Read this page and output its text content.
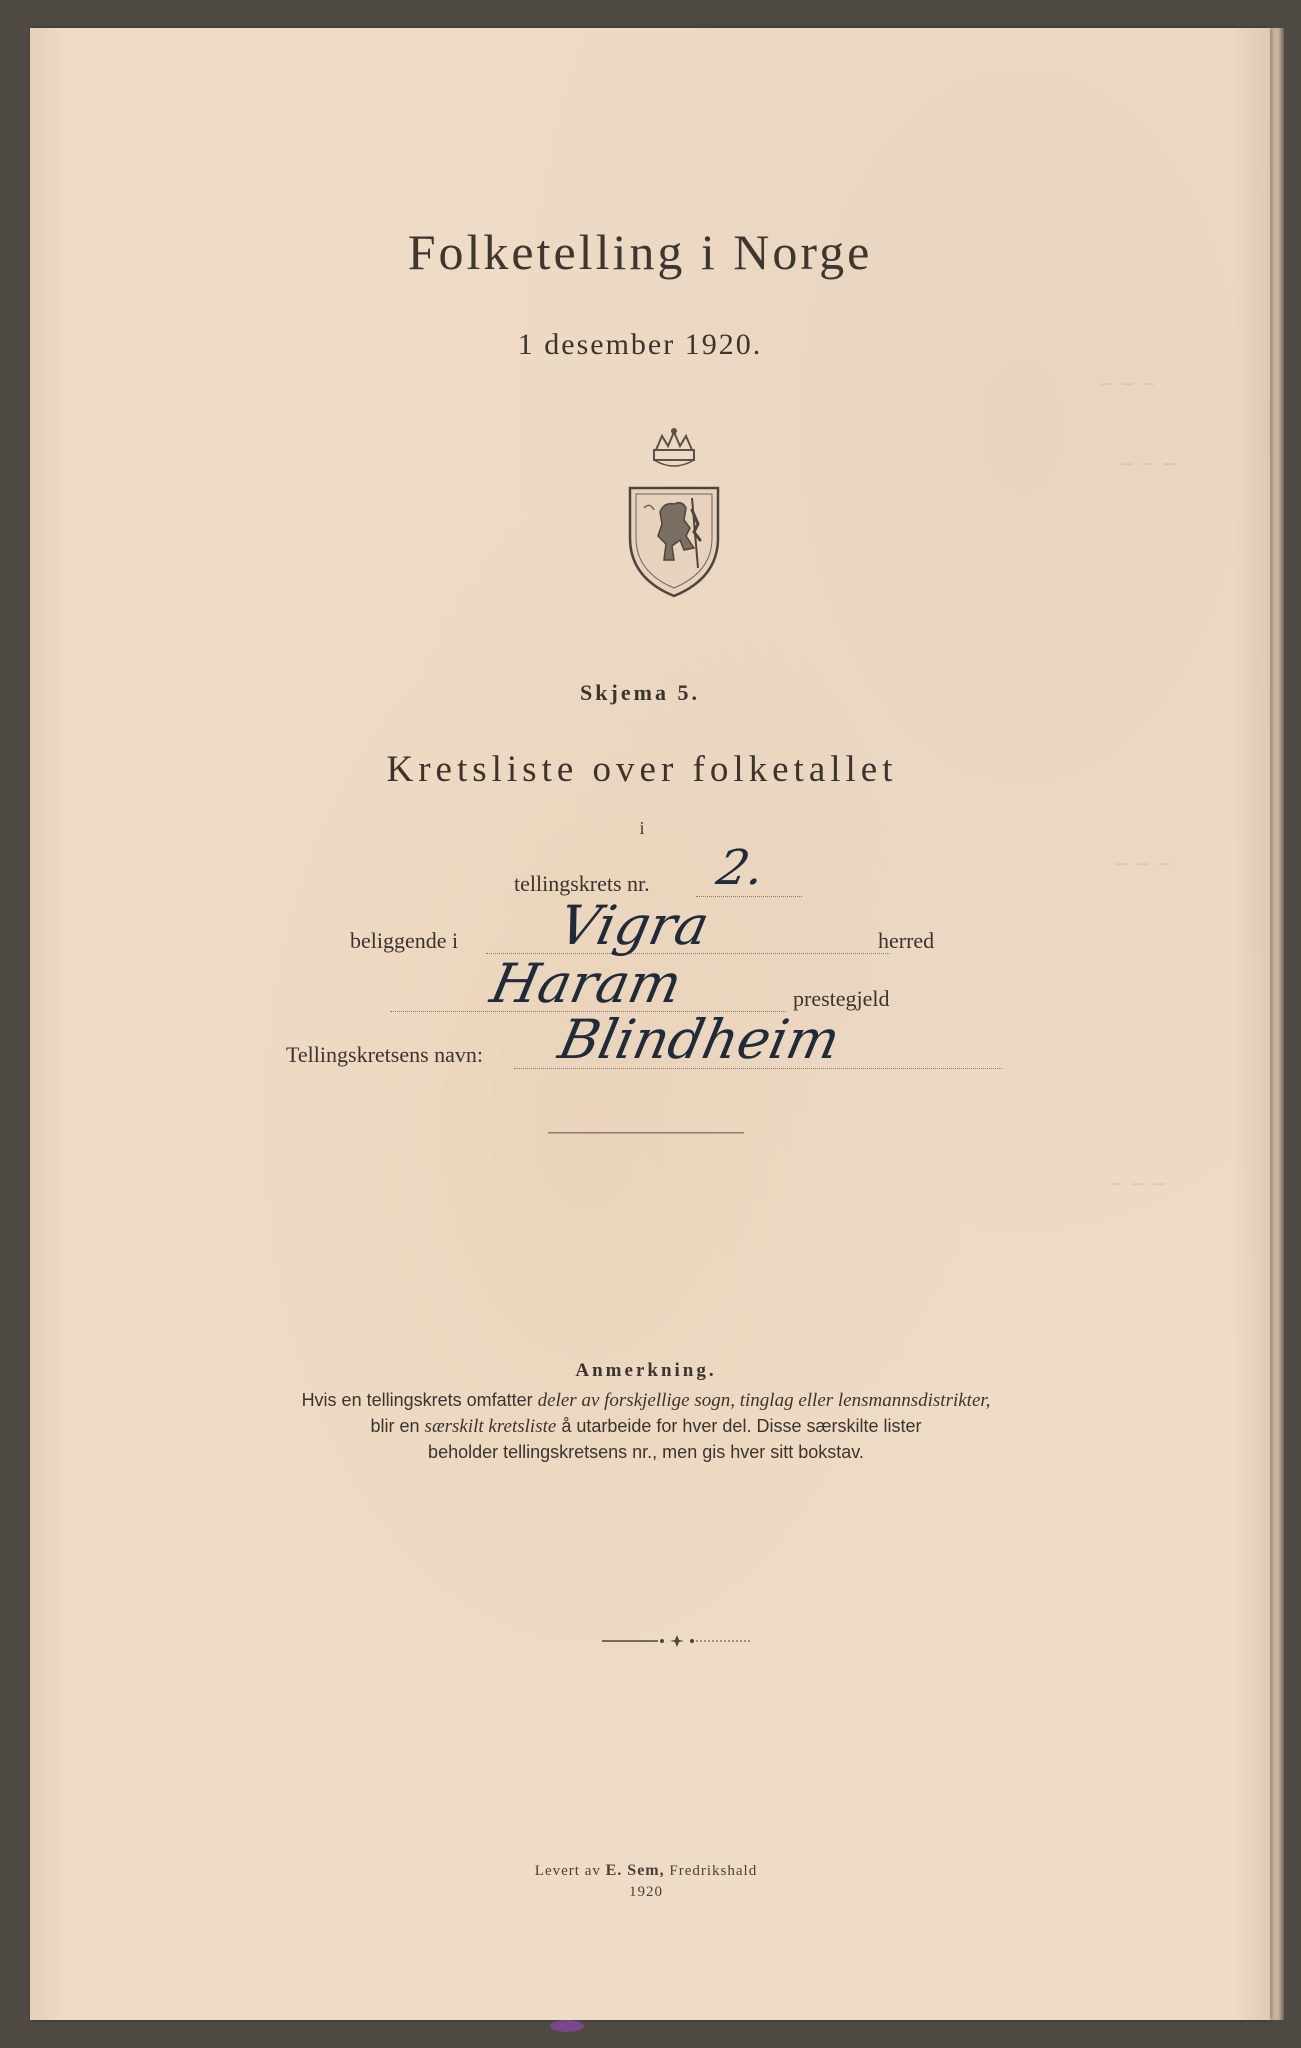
– – –
– – –
– – –
– – –
Folketelling i Norge
1 desember 1920.
Skjema 5.
Kretsliste over folketallet
i
tellingskrets nr. 2.
beliggende i Vigra	herred
Haram	prestegjeld
Tellingskretsens navn: Blindheim
Anmerkning.
Hvis en tellingskrets omfatter deler av forskjellige sogn, tinglag eller lensmannsdistrikter,
blir en særskilt kretsliste å utarbeide for hver del. Disse særskilte lister
beholder tellingskretsens nr., men gis hver sitt bokstav.
Levert av E. Sem, Fredrikshald
1920
